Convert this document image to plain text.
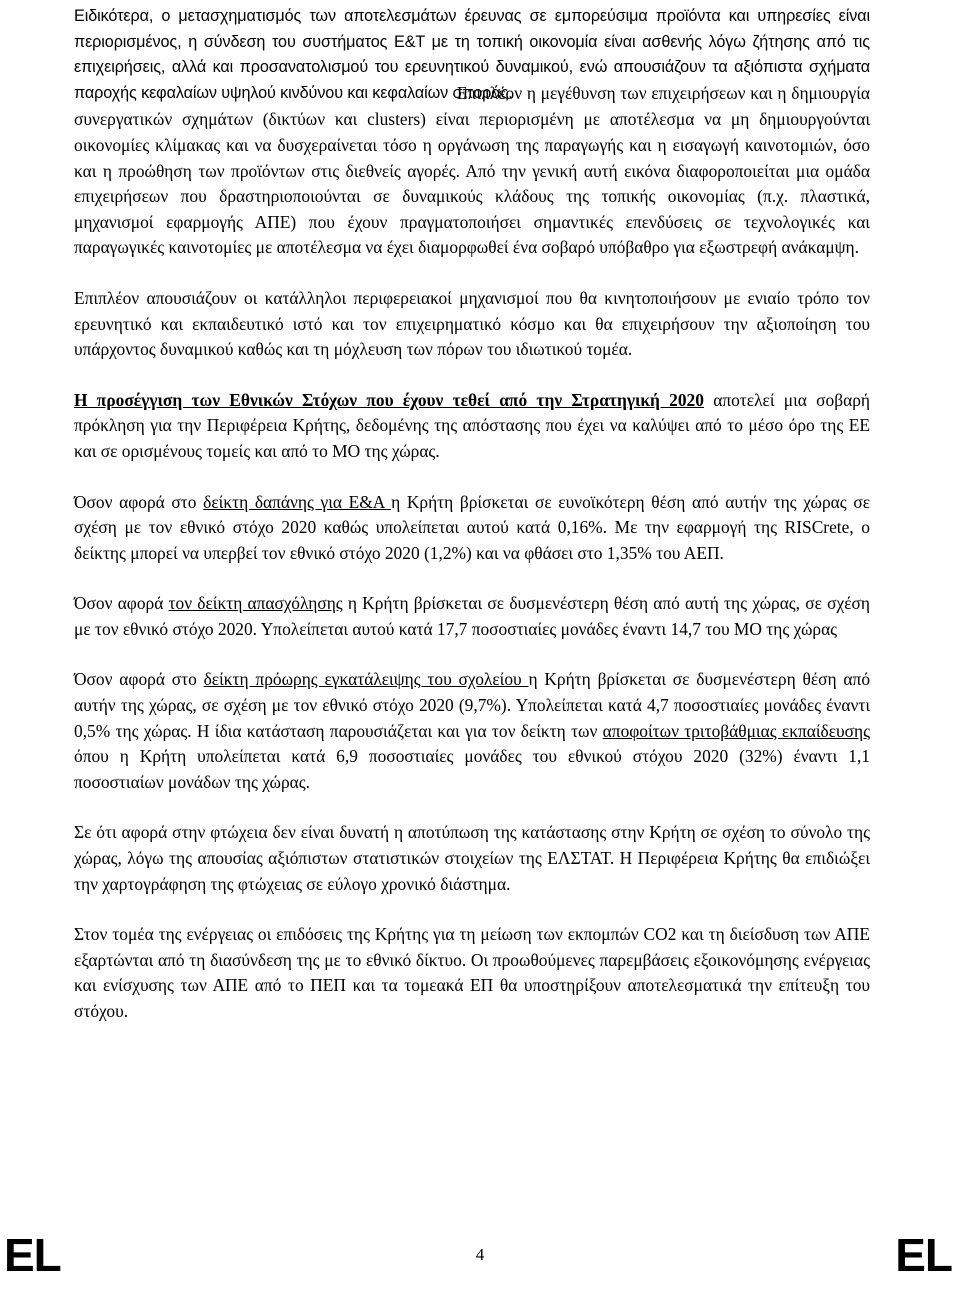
Ειδικότερα, ο μετασχηματισμός των αποτελεσμάτων έρευνας σε εμπορεύσιμα προϊόντα και υπηρεσίες είναι περιορισμένος, η σύνδεση του συστήματος Ε&Τ με τη τοπική οικονομία είναι ασθενής λόγω ζήτησης από τις επιχειρήσεις, αλλά και προσανατολισμού του ερευνητικού δυναμικού, ενώ απουσιάζουν τα αξιόπιστα σχήματα παροχής κεφαλαίων υψηλού κινδύνου και κεφαλαίων σποράς.

Επιπλέον η μεγέθυνση των επιχειρήσεων και η δημιουργία συνεργατικών σχημάτων (δικτύων και clusters) είναι περιορισμένη με αποτέλεσμα να μη δημιουργούνται οικονομίες κλίμακας και να δυσχεραίνεται τόσο η οργάνωση της παραγωγής και η εισαγωγή καινοτομιών, όσο και η προώθηση των προϊόντων στις διεθνείς αγορές. Από την γενική αυτή εικόνα διαφοροποιείται μια ομάδα επιχειρήσεων που δραστηριοποιούνται σε δυναμικούς κλάδους της τοπικής οικονομίας (π.χ. πλαστικά, μηχανισμοί εφαρμογής ΑΠΕ) που έχουν πραγματοποιήσει σημαντικές επενδύσεις σε τεχνολογικές και παραγωγικές καινοτομίες με αποτέλεσμα να έχει διαμορφωθεί ένα σοβαρό υπόβαθρο για εξωστρεφή ανάκαμψη.

Επιπλέον απουσιάζουν οι κατάλληλοι περιφερειακοί μηχανισμοί που θα κινητοποιήσουν με ενιαίο τρόπο τον ερευνητικό και εκπαιδευτικό ιστό και τον επιχειρηματικό κόσμο και θα επιχειρήσουν την αξιοποίηση του υπάρχοντος δυναμικού καθώς και τη μόχλευση των πόρων του ιδιωτικού τομέα.

Η προσέγγιση των Εθνικών Στόχων που έχουν τεθεί από την Στρατηγική 2020 αποτελεί μια σοβαρή πρόκληση για την Περιφέρεια Κρήτης, δεδομένης της απόστασης που έχει να καλύψει από το μέσο όρο της ΕΕ και σε ορισμένους τομείς και από το ΜΟ της χώρας.

Όσον αφορά στο δείκτη δαπάνης για Ε&Α η Κρήτη βρίσκεται σε ευνοϊκότερη θέση από αυτήν της χώρας σε σχέση με τον εθνικό στόχο 2020 καθώς υπολείπεται αυτού κατά 0,16%. Με την εφαρμογή της RISCrete, ο δείκτης μπορεί να υπερβεί τον εθνικό στόχο 2020 (1,2%) και να φθάσει στο 1,35% του ΑΕΠ.

Όσον αφορά τον δείκτη απασχόλησης η Κρήτη βρίσκεται σε δυσμενέστερη θέση από αυτή της χώρας, σε σχέση με τον εθνικό στόχο 2020. Υπολείπεται αυτού κατά 17,7 ποσοστιαίες μονάδες έναντι 14,7 του ΜΟ της χώρας

Όσον αφορά στο δείκτη πρόωρης εγκατάλειψης του σχολείου η Κρήτη βρίσκεται σε δυσμενέστερη θέση από αυτήν της χώρας, σε σχέση με τον εθνικό στόχο 2020 (9,7%). Υπολείπεται κατά 4,7 ποσοστιαίες μονάδες έναντι 0,5% της χώρας. Η ίδια κατάσταση παρουσιάζεται και για τον δείκτη των αποφοίτων τριτοβάθμιας εκπαίδευσης όπου η Κρήτη υπολείπεται κατά 6,9 ποσοστιαίες μονάδες του εθνικού στόχου 2020 (32%) έναντι 1,1 ποσοστιαίων μονάδων της χώρας.

Σε ότι αφορά στην φτώχεια δεν είναι δυνατή η αποτύπωση της κατάστασης στην Κρήτη σε σχέση το σύνολο της χώρας, λόγω της απουσίας αξιόπιστων στατιστικών στοιχείων της ΕΛΣΤΑΤ. Η Περιφέρεια Κρήτης θα επιδιώξει την χαρτογράφηση της φτώχειας σε εύλογο χρονικό διάστημα.

Στον τομέα της ενέργειας οι επιδόσεις της Κρήτης για τη μείωση των εκπομπών CO2 και τη διείσδυση των ΑΠΕ εξαρτώνται από τη διασύνδεση της με το εθνικό δίκτυο. Οι προωθούμενες παρεμβάσεις εξοικονόμησης ενέργειας και ενίσχυσης των ΑΠΕ από το ΠΕΠ και τα τομεακά ΕΠ θα υποστηρίξουν αποτελεσματικά την επίτευξη του στόχου.

EL	4	EL
